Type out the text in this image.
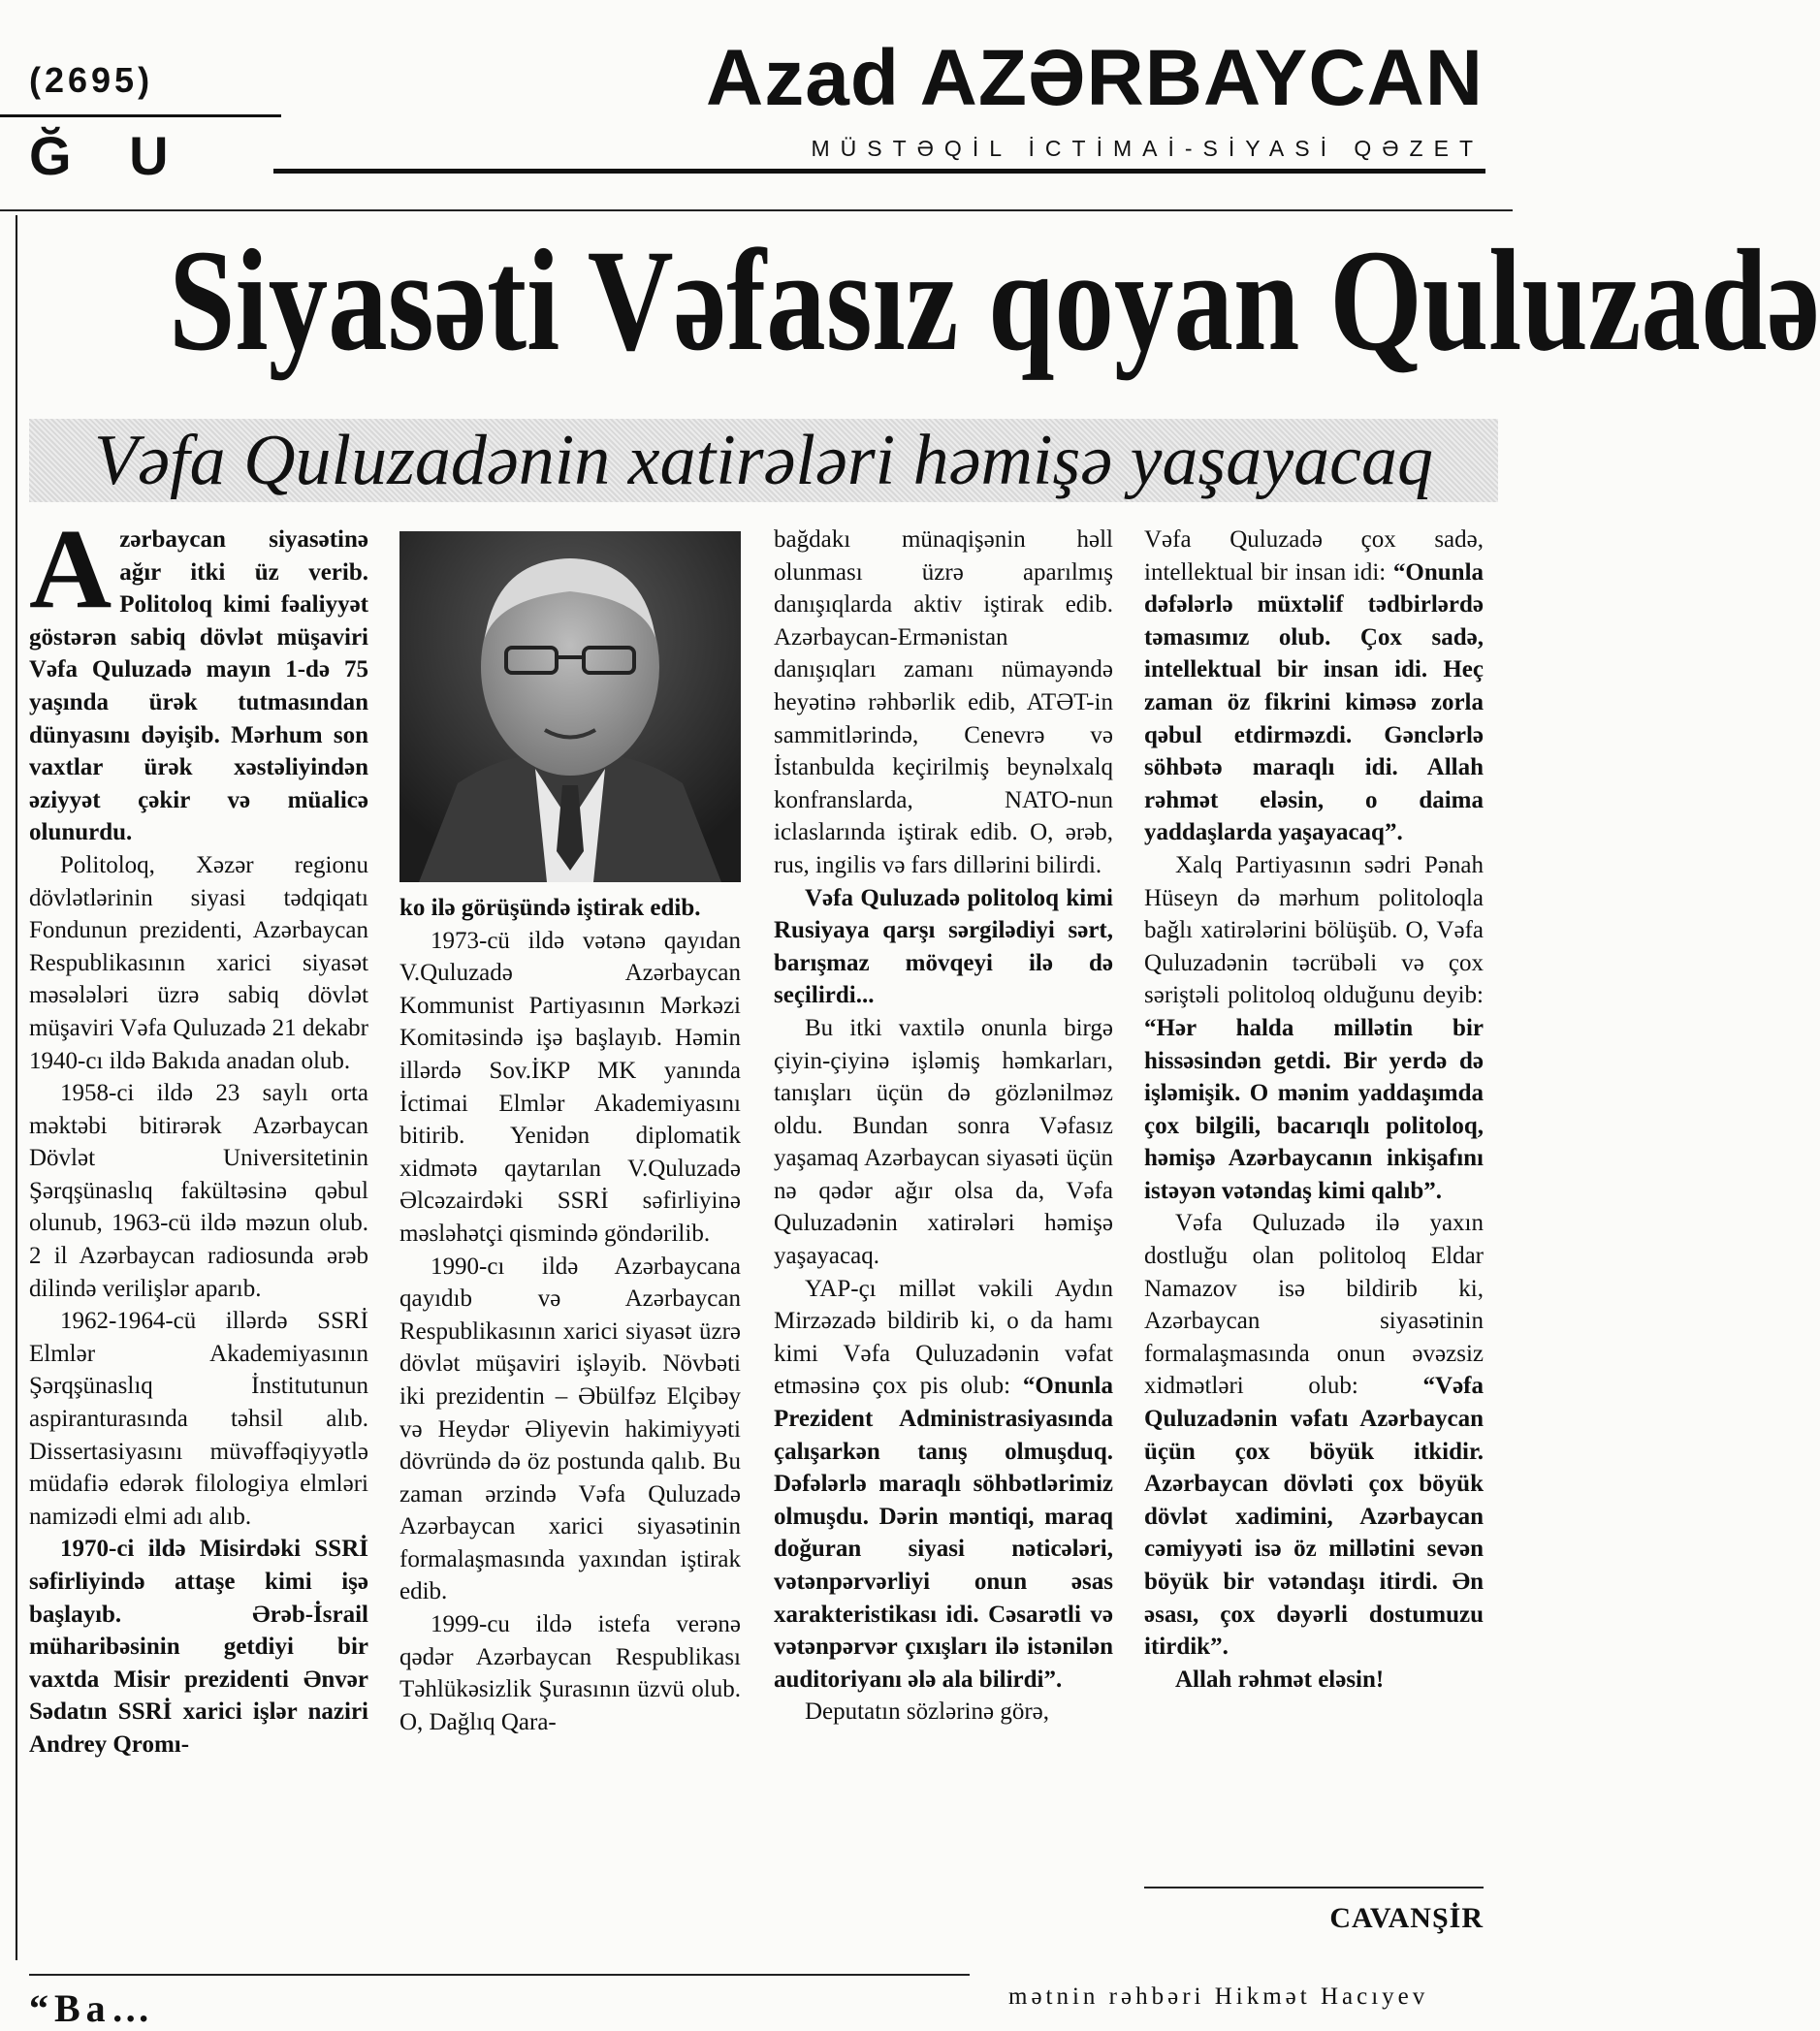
(2695)
Ğ U
Azad AZƏRBAYCAN
MÜSTƏQİL İCTİMAİ-SİYASİ QƏZET
Siyasəti Vəfasız qoyan Quluzadə
Vəfa Quluzadənin xatirələri həmişə yaşayacaq

Azərbaycan siyasətinə ağır itki üz verib. Politoloq kimi fəaliyyət göstərən sabiq dövlət müşaviri Vəfa Quluzadə mayın 1-də 75 yaşında ürək tutmasından dünyasını dəyişib. Mərhum son vaxtlar ürək xəstəliyindən əziyyət çəkir və müalicə olunurdu.

Politoloq, Xəzər regionu dövlətlərinin siyasi tədqiqatı Fondunun prezidenti, Azərbaycan Respublikasının xarici siyasət məsələləri üzrə sabiq dövlət müşaviri Vəfa Quluzadə 21 dekabr 1940-cı ildə Bakıda anadan olub.

1958-ci ildə 23 saylı orta məktəbi bitirərək Azərbaycan Dövlət Universitetinin Şərqşünaslıq fakültəsinə qəbul olunub, 1963-cü ildə məzun olub. 2 il Azərbaycan radiosunda ərəb dilində verilişlər aparıb.

1962-1964-cü illərdə SSRİ Elmlər Akademiyasının Şərqşünaslıq İnstitutunun aspiranturasında təhsil alıb. Dissertasiyasını müvəffəqiyyətlə müdafiə edərək filologiya elmləri namizədi elmi adı alıb.

1970-ci ildə Misirdəki SSRİ səfirliyində attaşe kimi işə başlayıb. Ərəb-İsrail müharibəsinin getdiyi bir vaxtda Misir prezidenti Ənvər Sədatın SSRİ xarici işlər naziri Andrey Qromı-

ko ilə görüşündə iştirak edib.

1973-cü ildə vətənə qayıdan V.Quluzadə Azərbaycan Kommunist Partiyasının Mərkəzi Komitəsində işə başlayıb. Həmin illərdə Sov.İKP MK yanında İctimai Elmlər Akademiyasını bitirib. Yenidən diplomatik xidmətə qaytarılan V.Quluzadə Əlcəzairdəki SSRİ səfirliyinə məsləhətçi qismində göndərilib.

1990-cı ildə Azərbaycana qayıdıb və Azərbaycan Respublikasının xarici siyasət üzrə dövlət müşaviri işləyib. Növbəti iki prezidentin – Əbülfəz Elçibəy və Heydər Əliyevin hakimiyyəti dövründə də öz postunda qalıb. Bu zaman ərzində Vəfa Quluzadə Azərbaycan xarici siyasətinin formalaşmasında yaxından iştirak edib.

1999-cu ildə istefa verənə qədər Azərbaycan Respublikası Təhlükəsizlik Şurasının üzvü olub. O, Dağlıq Qara-

bağdakı münaqişənin həll olunması üzrə aparılmış danışıqlarda aktiv iştirak edib. Azərbaycan-Ermənistan danışıqları zamanı nümayəndə heyətinə rəhbərlik edib, ATƏT-in sammitlərində, Cenevrə və İstanbulda keçirilmiş beynəlxalq konfranslarda, NATO-nun iclaslarında iştirak edib. O, ərəb, rus, ingilis və fars dillərini bilirdi.

Vəfa Quluzadə politoloq kimi Rusiyaya qarşı sərgilədiyi sərt, barışmaz mövqeyi ilə də seçilirdi...

Bu itki vaxtilə onunla birgə çiyin-çiyinə işləmiş həmkarları, tanışları üçün də gözlənilməz oldu. Bundan sonra Vəfasız yaşamaq Azərbaycan siyasəti üçün nə qədər ağır olsa da, Vəfa Quluzadənin xatirələri həmişə yaşayacaq.

YAP-çı millət vəkili Aydın Mirzəzadə bildirib ki, o da hamı kimi Vəfa Quluzadənin vəfat etməsinə çox pis olub: “Onunla Prezident Administrasiyasında çalışarkən tanış olmuşduq. Dəfələrlə maraqlı söhbətlərimiz olmuşdu. Dərin məntiqi, maraq doğuran siyasi nəticələri, vətənpərvərliyi onun əsas xarakteristikası idi. Cəsarətli və vətənpərvər çıxışları ilə istənilən auditoriyanı ələ ala bilirdi”.

Deputatın sözlərinə görə,

Vəfa Quluzadə çox sadə, intellektual bir insan idi: “Onunla dəfələrlə müxtəlif tədbirlərdə təmasımız olub. Çox sadə, intellektual bir insan idi. Heç zaman öz fikrini kiməsə zorla qəbul etdirməzdi. Gənclərlə söhbətə maraqlı idi. Allah rəhmət eləsin, o daima yaddaşlarda yaşayacaq”.

Xalq Partiyasının sədri Pənah Hüseyn də mərhum politoloqla bağlı xatirələrini bölüşüb. O, Vəfa Quluzadənin təcrübəli və çox səriştəli politoloq olduğunu deyib: “Hər halda millətin bir hissəsindən getdi. Bir yerdə də işləmişik. O mənim yaddaşımda çox bilgili, bacarıqlı politoloq, həmişə Azərbaycanın inkişafını istəyən vətəndaş kimi qalıb”.

Vəfa Quluzadə ilə yaxın dostluğu olan politoloq Eldar Namazov isə bildirib ki, Azərbaycan siyasətinin formalaşmasında onun əvəzsiz xidmətləri olub:	“Vəfa Quluzadənin vəfatı Azərbaycan üçün çox böyük itkidir. Azərbaycan dövləti çox böyük dövlət xadimini, Azərbaycan cəmiyyəti isə öz millətini sevən böyük bir vətəndaşı itirdi. Ən əsası, çox dəyərli dostumuzu itirdik”.

Allah rəhmət eləsin!

CAVANŞİR
“Ba…	mətnin rəhbəri Hikmət Hacıyev
